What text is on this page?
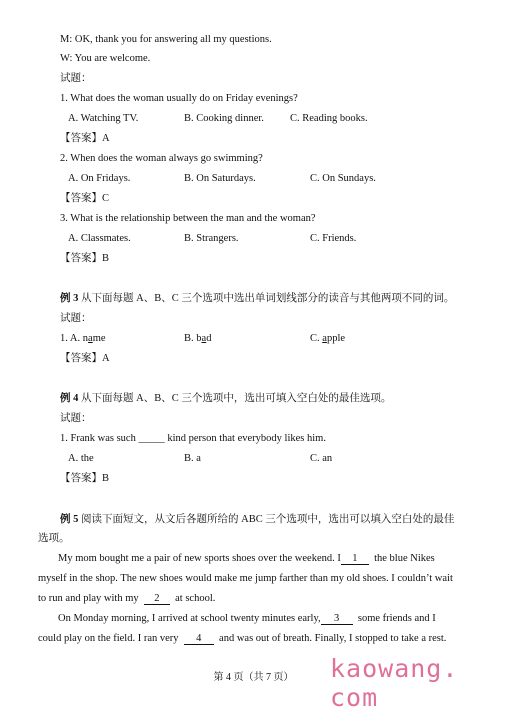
M: OK, thank you for answering all my questions.
W: You are welcome.
试题：
1. What does the woman usually do on Friday evenings?
A. Watching TV.	B. Cooking dinner. C. Reading books.
【答案】A
2. When does the woman always go swimming?
A. On Fridays.	B. On Saturdays.	C. On Sundays.
【答案】C
3. What is the relationship between the man and the woman?
A. Classmates.	B. Strangers.	C. Friends.
【答案】B
例 3 从下面每题 A、B、C 三个选项中选出单词划线部分的读音与其他两项不同的词。
试题：
1. A. name	B. bad	C. apple
【答案】A
例 4 从下面每题 A、B、C 三个选项中，选出可填入空白处的最佳选项。
试题：
1. Frank was such _____ kind person that everybody likes him.
A. the	B. a	C. an
【答案】B
例 5 阅读下面短文，从文后各题所给的 ABC 三个选项中，选出可以填入空白处的最佳
选项。
My mom bought me a pair of new sports shoes over the weekend. I 1 the blue Nikes
myself in the shop. The new shoes would make me jump farther than my old shoes. I couldn’t wait
to run and play with my 2 at school.
On Monday morning, I arrived at school twenty minutes early, 3 some friends and I
could play on the field. I ran very 4 and was out of breath. Finally, I stopped to take a rest.
第 4 页（共 7 页）	kaowang. com
